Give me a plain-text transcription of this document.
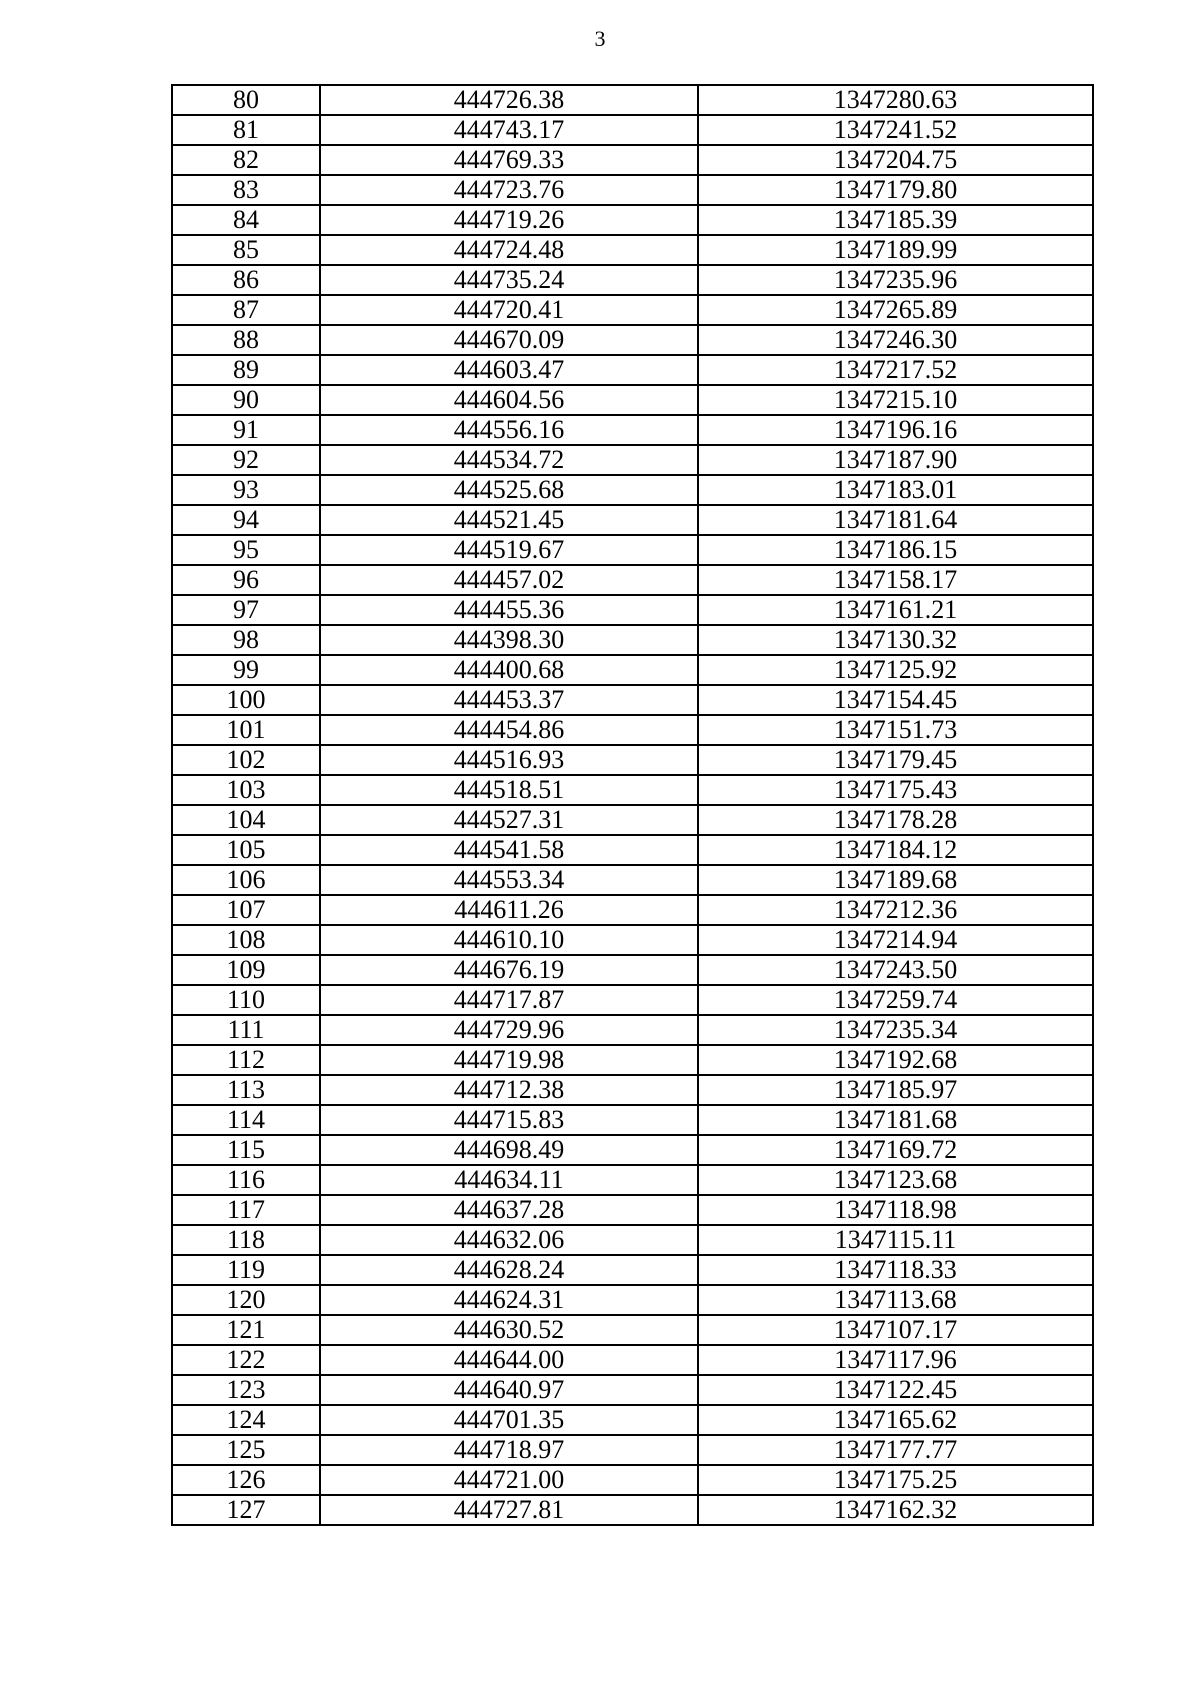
3
80	444726.38	1347280.63
81	444743.17	1347241.52
82	444769.33	1347204.75
83	444723.76	1347179.80
84	444719.26	1347185.39
85	444724.48	1347189.99
86	444735.24	1347235.96
87	444720.41	1347265.89
88	444670.09	1347246.30
89	444603.47	1347217.52
90	444604.56	1347215.10
91	444556.16	1347196.16
92	444534.72	1347187.90
93	444525.68	1347183.01
94	444521.45	1347181.64
95	444519.67	1347186.15
96	444457.02	1347158.17
97	444455.36	1347161.21
98	444398.30	1347130.32
99	444400.68	1347125.92
100	444453.37	1347154.45
101	444454.86	1347151.73
102	444516.93	1347179.45
103	444518.51	1347175.43
104	444527.31	1347178.28
105	444541.58	1347184.12
106	444553.34	1347189.68
107	444611.26	1347212.36
108	444610.10	1347214.94
109	444676.19	1347243.50
110	444717.87	1347259.74
111	444729.96	1347235.34
112	444719.98	1347192.68
113	444712.38	1347185.97
114	444715.83	1347181.68
115	444698.49	1347169.72
116	444634.11	1347123.68
117	444637.28	1347118.98
118	444632.06	1347115.11
119	444628.24	1347118.33
120	444624.31	1347113.68
121	444630.52	1347107.17
122	444644.00	1347117.96
123	444640.97	1347122.45
124	444701.35	1347165.62
125	444718.97	1347177.77
126	444721.00	1347175.25
127	444727.81	1347162.32
